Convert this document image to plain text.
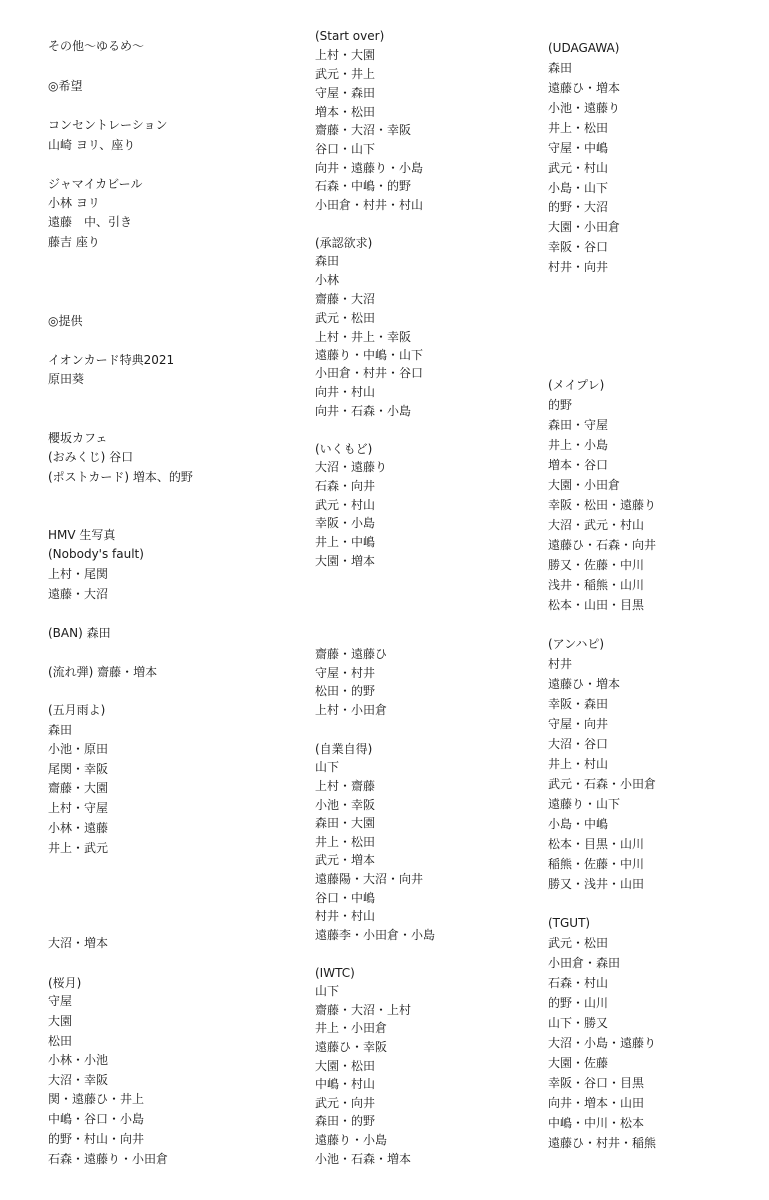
その他〜ゆるめ〜
◎希望
コンセントレーション
山崎 ヨリ、座り
ジャマイカビール
小林 ヨリ
遠藤　中、引き
藤吉 座り
◎提供
イオンカード特典2021
原田葵
櫻坂カフェ
(おみくじ) 谷口
(ポストカード) 増本、的野
HMV 生写真
(Nobody's fault)
上村・尾関
遠藤・大沼
(BAN) 森田
(流れ弾) 齋藤・増本
(五月雨よ)
森田
小池・原田
尾関・幸阪
齋藤・大園
上村・守屋
小林・遠藤
井上・武元
大沼・増本
(桜月)
守屋
大園
松田
小林・小池
大沼・幸阪
関・遠藤ひ・井上
中嶋・谷口・小島
的野・村山・向井
石森・遠藤り・小田倉
(Start over)
上村・大園
武元・井上
守屋・森田
増本・松田
齋藤・大沼・幸阪
谷口・山下
向井・遠藤り・小島
石森・中嶋・的野
小田倉・村井・村山
(承認欲求)
森田
小林
齋藤・大沼
武元・松田
上村・井上・幸阪
遠藤り・中嶋・山下
小田倉・村井・谷口
向井・村山
向井・石森・小島
(いくもど)
大沼・遠藤り
石森・向井
武元・村山
幸阪・小島
井上・中嶋
大園・増本
齋藤・遠藤ひ
守屋・村井
松田・的野
上村・小田倉
(自業自得)
山下
上村・齋藤
小池・幸阪
森田・大園
井上・松田
武元・増本
遠藤陽・大沼・向井
谷口・中嶋
村井・村山
遠藤李・小田倉・小島
(IWTC)
山下
齋藤・大沼・上村
井上・小田倉
遠藤ひ・幸阪
大園・松田
中嶋・村山
武元・向井
森田・的野
遠藤り・小島
小池・石森・増本
(UDAGAWA)
森田
遠藤ひ・増本
小池・遠藤り
井上・松田
守屋・中嶋
武元・村山
小島・山下
的野・大沼
大園・小田倉
幸阪・谷口
村井・向井
(メイプレ)
的野
森田・守屋
井上・小島
増本・谷口
大園・小田倉
幸阪・松田・遠藤り
大沼・武元・村山
遠藤ひ・石森・向井
勝又・佐藤・中川
浅井・稲熊・山川
松本・山田・目黒
(アンハピ)
村井
遠藤ひ・増本
幸阪・森田
守屋・向井
大沼・谷口
井上・村山
武元・石森・小田倉
遠藤り・山下
小島・中嶋
松本・目黒・山川
稲熊・佐藤・中川
勝又・浅井・山田
(TGUT)
武元・松田
小田倉・森田
石森・村山
的野・山川
山下・勝又
大沼・小島・遠藤り
大園・佐藤
幸阪・谷口・目黒
向井・増本・山田
中嶋・中川・松本
遠藤ひ・村井・稲熊
